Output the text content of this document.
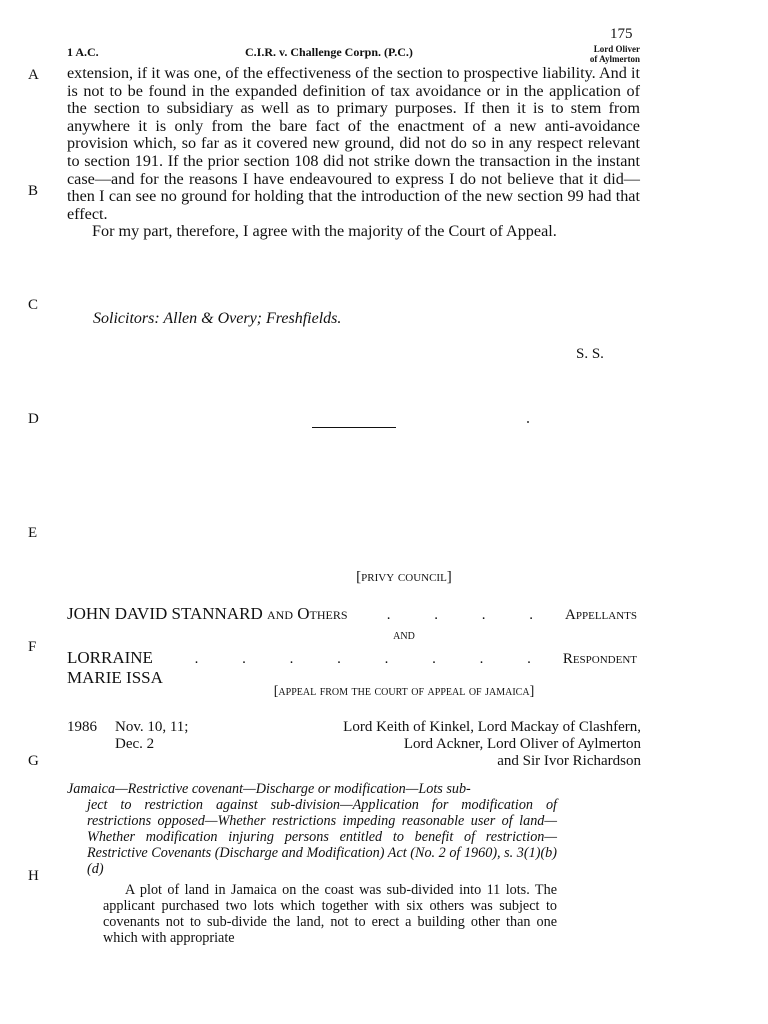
175
1 A.C.	C.I.R. v. Challenge Corpn. (P.C.)	Lord Oliver
of Aylmerton
A
B
C
D
E
F
G
H

extension, if it was one, of the effectiveness of the section to prospective liability. And it is not to be found in the expanded definition of tax avoidance or in the application of the section to subsidiary as well as to primary purposes. If then it is to stem from anywhere it is only from the bare fact of the enactment of a new anti-avoidance provision which, so far as it covered new ground, did not do so in any respect relevant to section 191. If the prior section 108 did not strike down the transaction in the instant case—and for the reasons I have endeavoured to express I do not believe that it did—then I can see no ground for holding that the introduction of the new section 99 had that effect.

For my part, therefore, I agree with the majority of the Court of Appeal.

Solicitors: Allen & Overy; Freshfields.
S. S.
[privy council]
JOHN DAVID STANNARD and Others	. . . . Appellants
and
LORRAINE MARIE ISSA
. . . . . . . . Respondent
[appeal from the court of appeal of jamaica]
1986 Nov. 10, 11;
Dec. 2
Lord Keith of Kinkel, Lord Mackay of Clashfern,
Lord Ackner, Lord Oliver of Aylmerton
and Sir Ivor Richardson
Jamaica—Restrictive covenant—Discharge or modification—Lots sub-
ject to restriction against sub-division—Application for modification of restrictions opposed—Whether restrictions impeding reasonable user of land—Whether modification injuring persons entitled to benefit of restriction—Restrictive Covenants (Discharge and Modification) Act (No. 2 of 1960), s. 3(1)(b)(d)

A plot of land in Jamaica on the coast was sub-divided into 11 lots. The applicant purchased two lots which together with six others was subject to covenants not to sub-divide the land, not to erect a building other than one which with appropriate
